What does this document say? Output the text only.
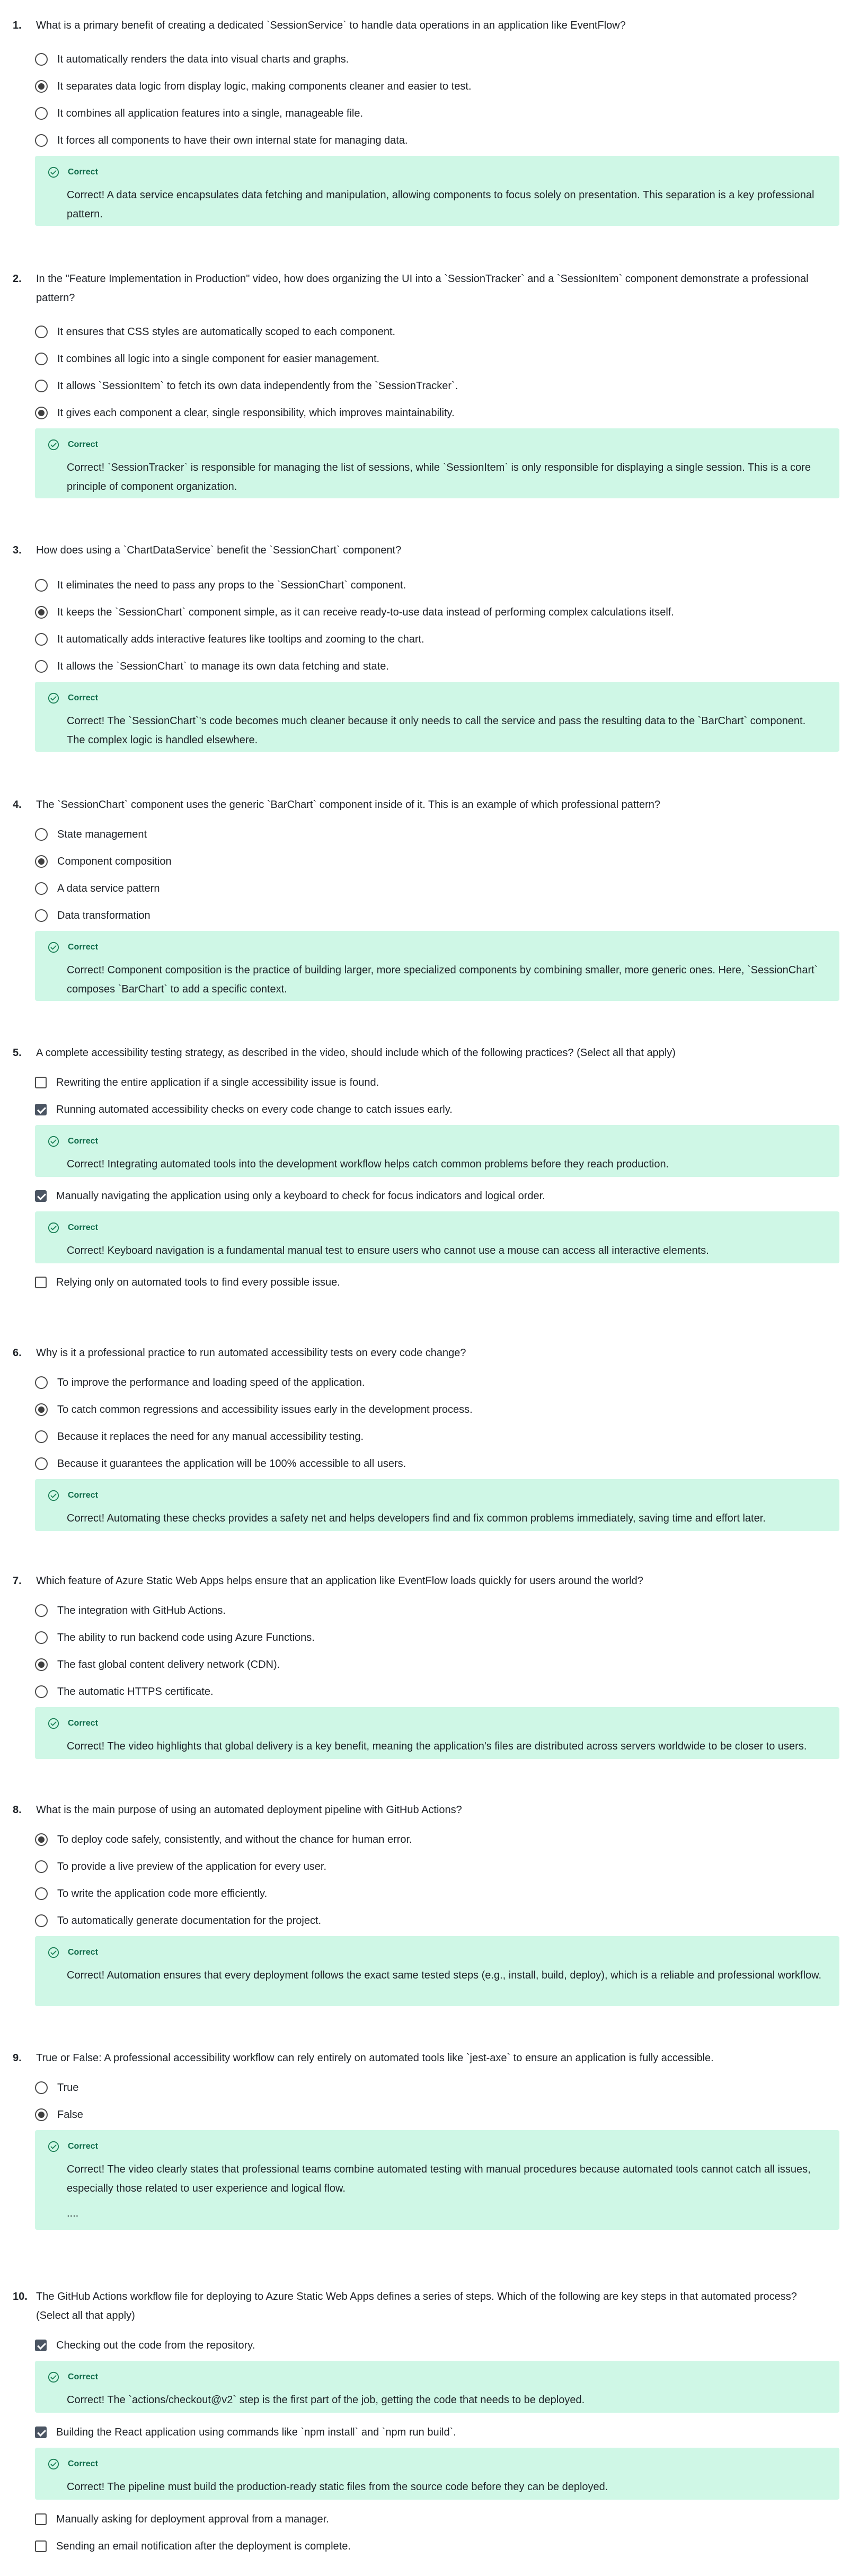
1.	What is a primary benefit of creating a dedicated `SessionService` to handle data operations in an application like EventFlow?
It automatically renders the data into visual charts and graphs.
It separates data logic from display logic, making components cleaner and easier to test.
It combines all application features into a single, manageable file.
It forces all components to have their own internal state for managing data.
Correct
Correct! A data service encapsulates data fetching and manipulation, allowing components to focus solely on presentation. This separation is a key professional pattern.
2.	In the "Feature Implementation in Production" video, how does organizing the UI into a `SessionTracker` and a `SessionItem` component demonstrate a professional pattern?
It ensures that CSS styles are automatically scoped to each component.
It combines all logic into a single component for easier management.
It allows `SessionItem` to fetch its own data independently from the `SessionTracker`.
It gives each component a clear, single responsibility, which improves maintainability.
Correct
Correct! `SessionTracker` is responsible for managing the list of sessions, while `SessionItem` is only responsible for displaying a single session. This is a core principle of component organization.
3.	How does using a `ChartDataService` benefit the `SessionChart` component?
It eliminates the need to pass any props to the `SessionChart` component.
It keeps the `SessionChart` component simple, as it can receive ready-to-use data instead of performing complex calculations itself.
It automatically adds interactive features like tooltips and zooming to the chart.
It allows the `SessionChart` to manage its own data fetching and state.
Correct
Correct! The `SessionChart`'s code becomes much cleaner because it only needs to call the service and pass the resulting data to the `BarChart` component. The complex logic is handled elsewhere.
4.	The `SessionChart` component uses the generic `BarChart` component inside of it. This is an example of which professional pattern?
State management
Component composition
A data service pattern
Data transformation
Correct
Correct! Component composition is the practice of building larger, more specialized components by combining smaller, more generic ones. Here, `SessionChart` composes `BarChart` to add a specific context.
5.	A complete accessibility testing strategy, as described in the video, should include which of the following practices? (Select all that apply)
Rewriting the entire application if a single accessibility issue is found.
Running automated accessibility checks on every code change to catch issues early.
Correct
Correct! Integrating automated tools into the development workflow helps catch common problems before they reach production.
Manually navigating the application using only a keyboard to check for focus indicators and logical order.
Correct
Correct! Keyboard navigation is a fundamental manual test to ensure users who cannot use a mouse can access all interactive elements.
Relying only on automated tools to find every possible issue.
6.	Why is it a professional practice to run automated accessibility tests on every code change?
To improve the performance and loading speed of the application.
To catch common regressions and accessibility issues early in the development process.
Because it replaces the need for any manual accessibility testing.
Because it guarantees the application will be 100% accessible to all users.
Correct
Correct! Automating these checks provides a safety net and helps developers find and fix common problems immediately, saving time and effort later.
7.	Which feature of Azure Static Web Apps helps ensure that an application like EventFlow loads quickly for users around the world?
The integration with GitHub Actions.
The ability to run backend code using Azure Functions.
The fast global content delivery network (CDN).
The automatic HTTPS certificate.
Correct
Correct! The video highlights that global delivery is a key benefit, meaning the application's files are distributed across servers worldwide to be closer to users.
8.	What is the main purpose of using an automated deployment pipeline with GitHub Actions?
To deploy code safely, consistently, and without the chance for human error.
To provide a live preview of the application for every user.
To write the application code more efficiently.
To automatically generate documentation for the project.
Correct
Correct! Automation ensures that every deployment follows the exact same tested steps (e.g., install, build, deploy), which is a reliable and professional workflow.
9.	True or False: A professional accessibility workflow can rely entirely on automated tools like `jest-axe` to ensure an application is fully accessible.
True
False
Correct
Correct! The video clearly states that professional teams combine automated testing with manual procedures because automated tools cannot catch all issues, especially those related to user experience and logical flow.
....
10. The GitHub Actions workflow file for deploying to Azure Static Web Apps defines a series of steps. Which of the following are key steps in that automated process? (Select all that apply)
Checking out the code from the repository.
Correct
Correct! The `actions/checkout@v2` step is the first part of the job, getting the code that needs to be deployed.
Building the React application using commands like `npm install` and `npm run build`.
Correct
Correct! The pipeline must build the production-ready static files from the source code before they can be deployed.
Manually asking for deployment approval from a manager.
Sending an email notification after the deployment is complete.
